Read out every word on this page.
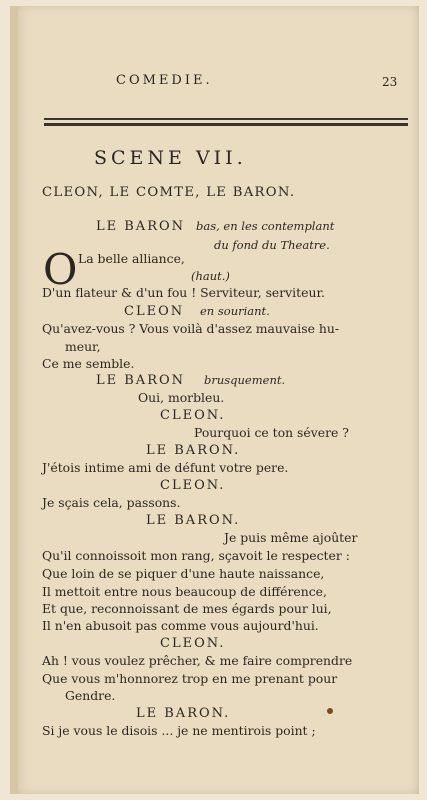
COMEDIE.	23
SCENE VII.
CLEON, LE COMTE, LE BARON.
LE BARON bas, en les contemplant
du fond du Theatre.
O La belle alliance,
(haut.)
D'un flateur & d'un fou ! Serviteur, serviteur.
CLEON en souriant.
Qu'avez-vous ? Vous voilà d'assez mauvaise hu-
meur,
Ce me semble.
LE BARON brusquement.
Oui, morbleu.
CLEON.
Pourquoi ce ton sévere ?
LE BARON.
J'étois intime ami de défunt votre pere.
CLEON.
Je sçais cela, passons.
LE BARON.
Je puis même ajoûter
Qu'il connoissoit mon rang, sçavoit le respecter :
Que loin de se piquer d'une haute naissance,
Il mettoit entre nous beaucoup de différence,
Et que, reconnoissant de mes égards pour lui,
Il n'en abusoit pas comme vous aujourd'hui.
CLEON.
Ah ! vous voulez prêcher, & me faire comprendre
Que vous m'honnorez trop en me prenant pour
Gendre.
LE BARON.
Si je vous le disois ... je ne mentirois point ;
